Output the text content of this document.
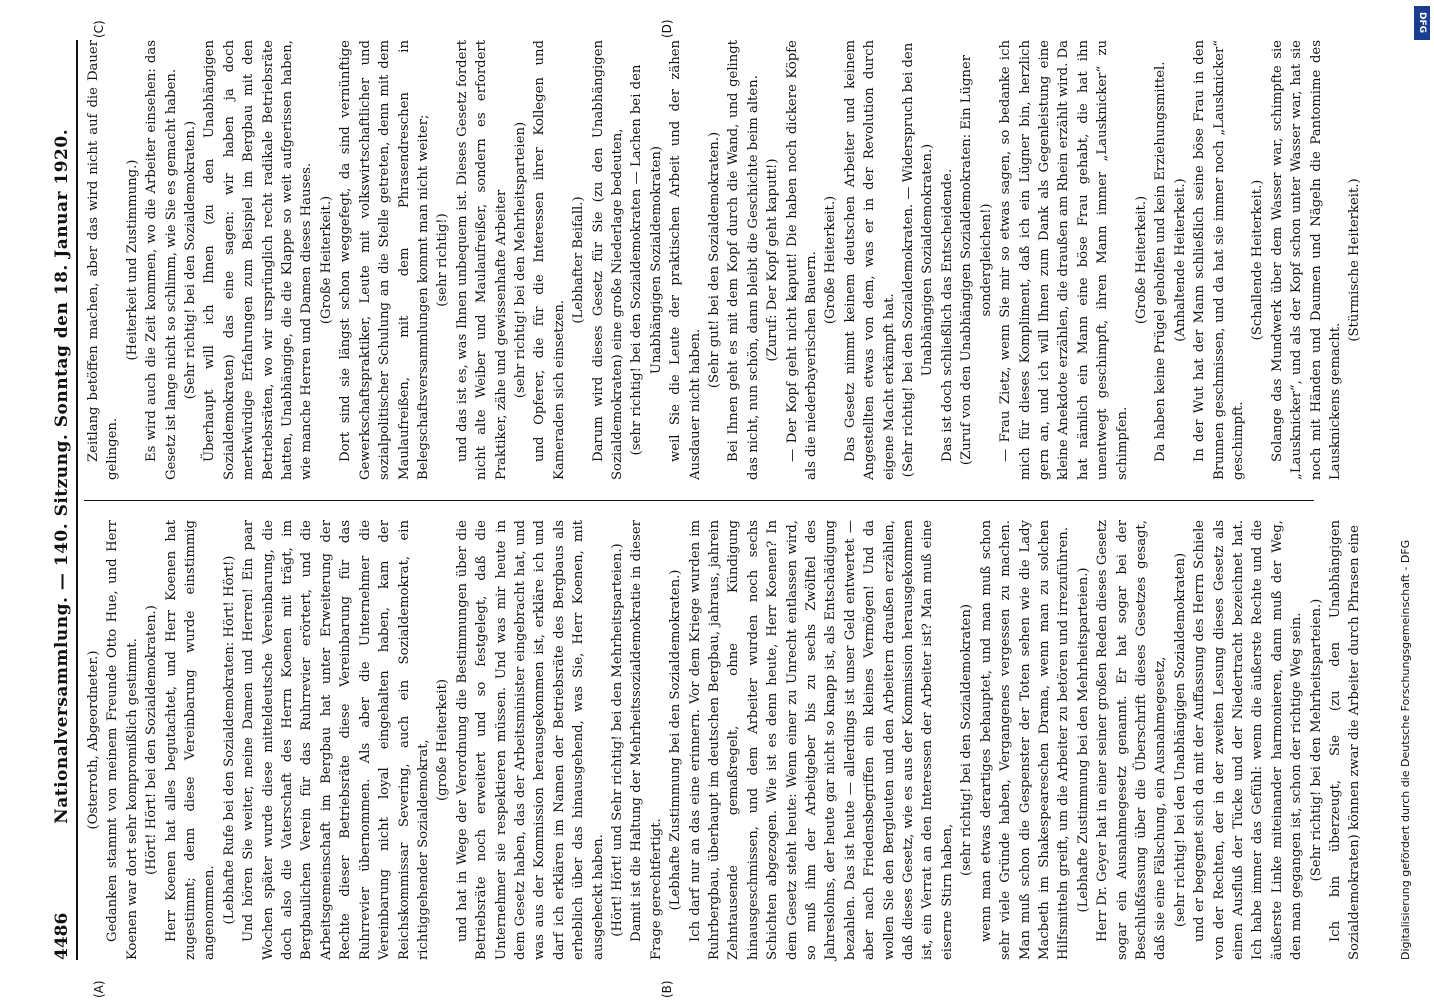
4486
Nationalversammlung. — 140. Sitzung. Sonntag den 18. Januar 1920. (Osterroth, Abgeordneter.) Gedanken stammt von meinem Freunde Otto Hue, und Herr Koenen war dort sehr kompromißlich gestimmt. (Hört! Hört! bei den Sozialdemokraten.) Herr Koenen hat alles begutachtet, und Herr Koenen hat zugestimmt; denn diese Vereinbarung wurde einstimmig angenommen. (Lebhafte Rufe bei den Sozialdemokraten: Hört! Hört!) Und hören Sie weiter, meine Damen und Herren! Ein paar Wochen später wurde diese mitteldeutsche Vereinbarung, die doch also die Vaterschaft des Herrn Koenen mit trägt, im Bergbaulichen Verein für das Ruhrrevier erörtert, und die Arbeitsgemeinschaft im Bergbau hat unter Erweiterung der Rechte dieser Betriebsräte diese Vereinbarung für das Ruhrrevier übernommen. Als aber die Unternehmer die Vereinbarung nicht loyal eingehalten haben, kam der Reichskommissar Severing, auch ein Sozialdemokrat, ein richtiggehender Sozialdemokrat, (große Heiterkeit) und hat in Wege der Verordnung die Bestimmungen über die Betriebsräte noch erweitert und so festgelegt, daß die Unternehmer sie respektieren müssen. Und was mir heute in dem Gesetz haben, das der Arbeitsminister eingebracht hat, und was aus der Kommission herausgekommen ist, erkläre ich und darf ich erklären im Namen der Betriebsräte des Bergbaus als erheblich über das hinausgehend, was Sie, Herr Koenen, mit ausgeheckt haben. (Hört! Hört! und Sehr richtig! bei den Mehrheitsparteien.) Damit ist die Haltung der Mehrheitssozialdemokratie in dieser Frage gerechtfertigt. (Lebhafte Zustimmung bei den Sozialdemokraten.) Ich darf nur an das eine erinnern. Vor dem Kriege wurden im Ruhrbergbau, überhaupt im deutschen Bergbau, jahraus, jahrein Zehntausende gemaßregelt, ohne Kündigung hinausgeschmissen, und dem Arbeiter wurden noch sechs Schichten abgezogen. Wie ist es denn heute, Herr Koenen? In dem Gesetz steht heute: Wenn einer zu Unrecht entlassen wird, so muß ihm der Arbeitgeber bis zu sechs Zwölftel des Jahreslohns, der heute gar nicht so knapp ist, als Entschädigung bezahlen. Das ist heute — allerdings ist unser Geld entwertet — aber nach Friedensbegriffen ein kleines Vermögen! Und da wollen Sie den Bergleuten und den Arbeitern draußen erzählen, daß dieses Gesetz, wie es aus der Kommission herausgekommen ist, ein Verrat an den Interessen der Arbeiter ist? Man muß eine eiserne Stirn haben,

(sehr richtig! bei den Sozialdemokraten) wenn man etwas derartiges behauptet, und man muß schon sehr viele Gründe haben, Vergangenes vergessen zu machen. Man muß schon die Gespenster der Toten sehen wie die Lady Macbeth im Shakespeareschen Drama, wenn man zu solchen Hilfsmitteln greift, um die Arbeiter zu betören und irrezuführen. (Lebhafte Zustimmung bei den Mehrheitsparteien.) Herr Dr. Geyer hat in einer seiner großen Reden dieses Gesetz sogar ein Ausnahmegesetz genannt. Er hat sogar bei der Beschlußfassung über die Überschrift dieses Gesetzes gesagt, daß sie eine Fälschung, ein Ausnahmegesetz, (sehr richtig! bei den Unabhängigen Sozialdemokraten) und er begegnet sich da mit der Auffassung des Herrn Schiele von der Rechten, der in der zweiten Lesung dieses Gesetz als einen Ausfluß der Tücke und der Niedertracht bezeichnet hat. Ich habe immer das Gefühl: wenn die äußerste Rechte und die äußerste Linke miteinander harmonieren, dann muß der Weg, den man gegangen ist, schon der richtige Weg sein. (Sehr richtig! bei den Mehrheitsparteien.) Ich bin überzeugt, Sie (zu den Unabhängigen Sozialdemokraten) können zwar die Arbeiter durch Phrasen eine

Zeitlang betöffen machen, aber das wird nicht auf die Dauer gelingen.

(Heiterkeit und Zustimmung.) Es wird auch die Zeit kommen, wo die Arbeiter einsehen: das Gesetz ist lange nicht so schlimm, wie Sie es gemacht haben. (Sehr richtig! bei den Sozialdemokraten.) Überhaupt will ich Ihnen (zu den Unabhängigen Sozialdemokraten) das eine sagen: wir haben ja doch merkwürdige Erfahrungen zum Beispiel im Bergbau mit den Betriebsräten, wo wir ursprünglich recht radikale Betriebsräte hatten, Unabhängige, die die Klappe so weit aufgerissen haben, wie manche Herren und Damen dieses Hauses. (Große Heiterkeit.) Dort sind sie längst schon weggefegt, da sind vernünftige Gewerkschaftspraktiker, Leute mit volkswirtschaftlicher und sozialpolitischer Schulung an die Stelle getreten, denn mit dem Maulaufreißen, mit dem Phrasendreschen in Belegschaftsversammlungen kommt man nicht weiter; (sehr richtig!) und das ist es, was Ihnen unbequem ist. Dieses Gesetz fordert nicht alte Weiber und Maulaufreißer, sondern es erfordert Praktiker, zähe und gewissenhafte Arbeiter (sehr richtig! bei den Mehrheitsparteien) und Opferer, die für die Interessen ihrer Kollegen und Kameraden sich einsetzen.

(Lebhafter Beifall.) Darum wird dieses Gesetz für Sie (zu den Unabhängigen Sozialdemokraten) eine große Niederlage bedeuten, (sehr richtig! bei den Sozialdemokraten — Lachen bei den Unabhängigen Sozialdemokraten) weil Sie die Leute der praktischen Arbeit und der zähen Ausdauer nicht haben.

(Sehr gut! bei den Sozialdemokraten.) Bei Ihnen geht es mit dem Kopf durch die Wand, und gelingt das nicht, nun schön, dann bleibt die Geschichte beim alten. (Zuruf: Der Kopf geht kaputt!) — Der Kopf geht nicht kaputt! Die haben noch dickere Köpfe als die niederbayerischen Bauern. (Große Heiterkeit.) Das Gesetz nimmt keinem deutschen Arbeiter und keinem Angestellten etwas von dem, was er in der Revolution durch eigene Macht erkämpft hat. (Sehr richtig! bei den Sozialdemokraten. — Widerspruch bei den Unabhängigen Sozialdemokraten.) Das ist doch schließlich das Entscheidende. (Zuruf von den Unabhängigen Sozialdemokraten: Ein Lügner sondergleichen!) — Frau Zietz, wenn Sie mir so etwas sagen, so bedanke ich mich für dieses Kompliment, daß ich ein Lügner bin, herzlich gern an, und ich will Ihnen zum Dank als Gegenleistung eine kleine Anekdote erzählen, die draußen am Rhein erzählt wird. Da hat nämlich ein Mann eine böse Frau gehabt, die hat ihn unentwegt geschimpft, ihren Mann immer „Lausknicker“ zu schimpfen.

(Große Heiterkeit.) Da haben keine Prügel geholfen und kein Erziehungsmittel. (Anhaltende Heiterkeit.) In der Wut hat der Mann schließlich seine böse Frau in den Brunnen geschmissen, und da hat sie immer noch „Lausknicker“ geschimpft.

(Schallende Heiterkeit.) Solange das Mundwerk über dem Wasser war, schimpfte sie „Lausknicker“, und als der Kopf schon unter Wasser war, hat sie noch mit Händen und Daumen und Nägeln die Pantomime des Lausknickens gemacht.

(Stürmische Heiterkeit.)

(A)	(B)
(C)	(D)
Digitalisierung gefördert durch die Deutsche Forschungsgemeinschaft - DFG
DFG
